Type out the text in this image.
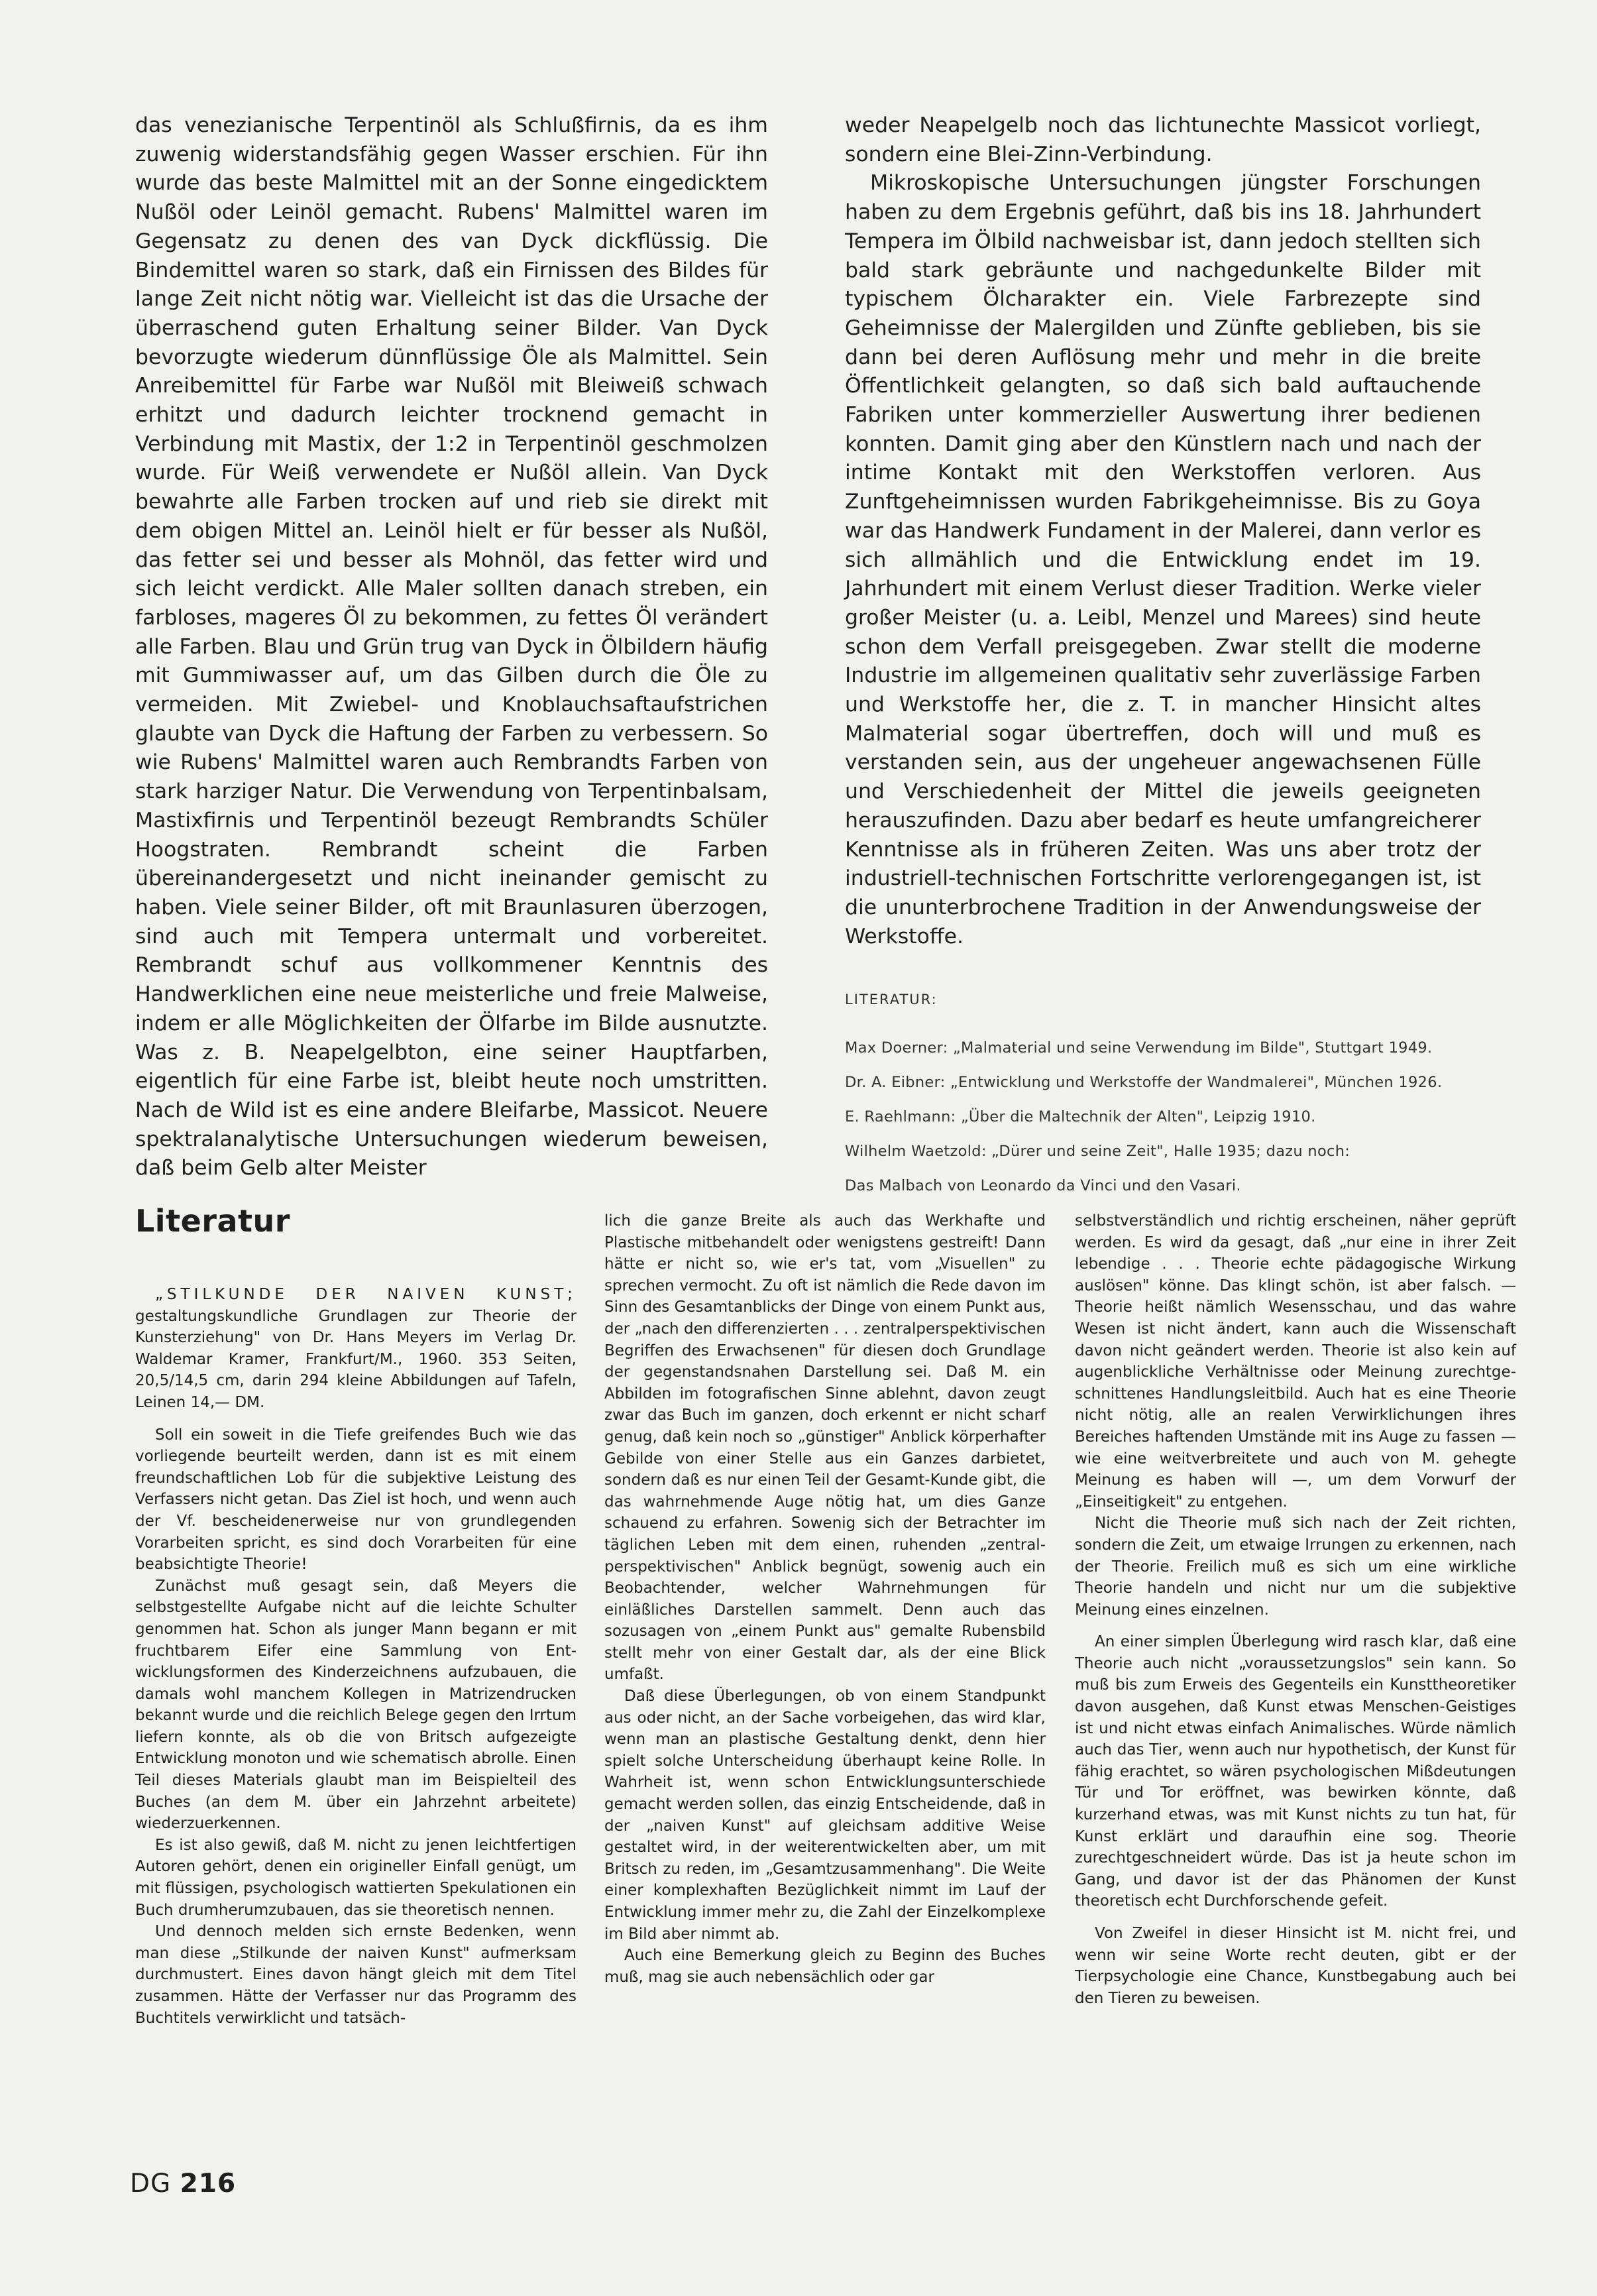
das venezianische Terpentinöl als Schlußfirnis, da es ihm zuwenig widerstandsfähig gegen Wasser erschien. Für ihn wurde das beste Malmittel mit an der Sonne eingedicktem Nußöl oder Leinöl gemacht. Rubens' Malmittel waren im Gegensatz zu denen des van Dyck dickflüssig. Die Bindemittel waren so stark, daß ein Firnissen des Bildes für lange Zeit nicht nötig war. Vielleicht ist das die Ursache der überraschend guten Erhaltung seiner Bilder. Van Dyck bevorzugte wiederum dünnflüssige Öle als Malmittel. Sein Anreibemittel für Farbe war Nußöl mit Bleiweiß schwach erhitzt und dadurch leichter trocknend gemacht in Verbindung mit Mastix, der 1:2 in Terpentinöl geschmolzen wurde. Für Weiß verwendete er Nußöl allein. Van Dyck bewahrte alle Farben trocken auf und rieb sie direkt mit dem obigen Mittel an. Leinöl hielt er für besser als Nußöl, das fetter sei und besser als Mohnöl, das fetter wird und sich leicht verdickt. Alle Maler sollten danach streben, ein farbloses, mageres Öl zu bekommen, zu fettes Öl verändert alle Farben. Blau und Grün trug van Dyck in Ölbildern häufig mit Gummiwasser auf, um das Gilben durch die Öle zu vermeiden. Mit Zwiebel- und Knoblauchsaftaufstrichen glaubte van Dyck die Haftung der Farben zu verbessern. So wie Rubens' Malmittel waren auch Rembrandts Farben von stark harziger Natur. Die Verwendung von Terpentinbalsam, Mastixfirnis und Terpentinöl bezeugt Rembrandts Schüler Hoogstraten. Rembrandt scheint die Farben übereinandergesetzt und nicht ineinander gemischt zu haben. Viele seiner Bilder, oft mit Braunlasuren überzogen, sind auch mit Tempera untermalt und vorbereitet. Rembrandt schuf aus vollkommener Kenntnis des Handwerklichen eine neue meisterliche und freie Malweise, indem er alle Möglichkeiten der Ölfarbe im Bilde ausnutzte. Was z. B. Neapelgelbton, eine seiner Hauptfarben, eigentlich für eine Farbe ist, bleibt heute noch umstritten. Nach de Wild ist es eine andere Bleifarbe, Massicot. Neuere spektralanalytische Untersuchungen wiederum beweisen, daß beim Gelb alter Meister

weder Neapelgelb noch das lichtunechte Massicot vorliegt, sondern eine Blei-Zinn-Verbindung.

Mikroskopische Untersuchungen jüngster Forschungen haben zu dem Ergebnis geführt, daß bis ins 18. Jahrhundert Tempera im Ölbild nachweisbar ist, dann jedoch stellten sich bald stark gebräunte und nachgedunkelte Bilder mit typischem Ölcharakter ein. Viele Farbrezepte sind Geheimnisse der Malergilden und Zünfte geblieben, bis sie dann bei deren Auflösung mehr und mehr in die breite Öffentlichkeit gelangten, so daß sich bald auftauchende Fabriken unter kommerzieller Auswertung ihrer bedienen konnten. Damit ging aber den Künstlern nach und nach der intime Kontakt mit den Werkstoffen verloren. Aus Zunftgeheimnissen wurden Fabrikgeheimnisse. Bis zu Goya war das Handwerk Fundament in der Malerei, dann verlor es sich allmählich und die Entwicklung endet im 19. Jahrhundert mit einem Verlust dieser Tradition. Werke vieler großer Meister (u. a. Leibl, Menzel und Marees) sind heute schon dem Verfall preisgegeben. Zwar stellt die moderne Industrie im allgemeinen qualitativ sehr zuverlässige Farben und Werkstoffe her, die z. T. in mancher Hinsicht altes Malmaterial sogar übertreffen, doch will und muß es verstanden sein, aus der ungeheuer angewachsenen Fülle und Verschiedenheit der Mittel die jeweils geeigneten herauszufinden. Dazu aber bedarf es heute umfangreicherer Kenntnisse als in früheren Zeiten. Was uns aber trotz der industriell-technischen Fortschritte verlorengegangen ist, ist die ununterbrochene Tradition in der Anwendungsweise der Werkstoffe.

LITERATUR:
Max Doerner: „Malmaterial und seine Verwendung im Bilde", Stuttgart 1949.
Dr. A. Eibner: „Entwicklung und Werkstoffe der Wandmalerei", München 1926.
E. Raehlmann: „Über die Maltechnik der Alten", Leipzig 1910.
Wilhelm Waetzold: „Dürer und seine Zeit", Halle 1935; dazu noch:
Das Malbach von Leonardo da Vinci und den Vasari.
Literatur

„STILKUNDE DER NAIVEN KUNST; gestaltungskundliche Grundlagen zur Theorie der Kunsterziehung" von Dr. Hans Meyers im Verlag Dr. Waldemar Kramer, Frankfurt/M., 1960. 353 Seiten, 20,5/14,5 cm, darin 294 kleine Abbildungen auf Tafeln, Leinen 14,— DM.

Soll ein soweit in die Tiefe greifendes Buch wie das vorliegende beurteilt werden, dann ist es mit einem freundschaftlichen Lob für die subjektive Leistung des Verfassers nicht getan. Das Ziel ist hoch, und wenn auch der Vf. bescheidenerweise nur von grundlegenden Vorarbeiten spricht, es sind doch Vorarbeiten für eine beabsichtigte Theorie!

Zunächst muß gesagt sein, daß Meyers die selbstgestellte Aufgabe nicht auf die leichte Schulter genommen hat. Schon als junger Mann begann er mit fruchtbarem Eifer eine Sammlung von Entwicklungsformen des Kinderzeichnens aufzubauen, die damals wohl manchem Kollegen in Matrizendrucken bekannt wurde und die reichlich Belege gegen den Irrtum liefern konnte, als ob die von Britsch aufgezeigte Entwicklung monoton und wie schematisch abrolle. Einen Teil dieses Materials glaubt man im Beispielteil des Buches (an dem M. über ein Jahrzehnt arbeitete) wiederzuerkennen.

Es ist also gewiß, daß M. nicht zu jenen leichtfertigen Autoren gehört, denen ein origineller Einfall genügt, um mit flüssigen, psychologisch wattierten Spekulationen ein Buch drumherumzubauen, das sie theoretisch nennen.

Und dennoch melden sich ernste Bedenken, wenn man diese „Stilkunde der naiven Kunst" aufmerksam durchmustert. Eines davon hängt gleich mit dem Titel zusammen. Hätte der Verfasser nur das Programm des Buchtitels verwirklicht und tatsäch-

lich die ganze Breite als auch das Werkhafte und Plastische mitbehandelt oder wenigstens gestreift! Dann hätte er nicht so, wie er's tat, vom „Visuellen" zu sprechen vermocht. Zu oft ist nämlich die Rede davon im Sinn des Gesamtanblicks der Dinge von einem Punkt aus, der „nach den differenzierten . . . zentralperspektivischen Begriffen des Erwachsenen" für diesen doch Grundlage der gegenstandsnahen Darstellung sei. Daß M. ein Abbilden im fotografischen Sinne ablehnt, davon zeugt zwar das Buch im ganzen, doch erkennt er nicht scharf genug, daß kein noch so „günstiger" Anblick körperhafter Gebilde von einer Stelle aus ein Ganzes darbietet, sondern daß es nur einen Teil der Gesamt-Kunde gibt, die das wahrnehmende Auge nötig hat, um dies Ganze schauend zu erfahren. Sowenig sich der Betrachter im täglichen Leben mit dem einen, ruhenden „zentralperspektivischen" Anblick begnügt, sowenig auch ein Beobachtender, welcher Wahrnehmungen für einläßliches Darstellen sammelt. Denn auch das sozusagen von „einem Punkt aus" gemalte Rubensbild stellt mehr von einer Gestalt dar, als der eine Blick umfaßt.

Daß diese Überlegungen, ob von einem Standpunkt aus oder nicht, an der Sache vorbeigehen, das wird klar, wenn man an plastische Gestaltung denkt, denn hier spielt solche Unterscheidung überhaupt keine Rolle. In Wahrheit ist, wenn schon Entwicklungsunterschiede gemacht werden sollen, das einzig Entscheidende, daß in der „naiven Kunst" auf gleichsam additive Weise gestaltet wird, in der weiterentwickelten aber, um mit Britsch zu reden, im „Gesamtzusammenhang". Die Weite einer komplexhaften Bezüglichkeit nimmt im Lauf der Entwicklung immer mehr zu, die Zahl der Einzelkomplexe im Bild aber nimmt ab.

Auch eine Bemerkung gleich zu Beginn des Buches muß, mag sie auch nebensächlich oder gar

selbstverständlich und richtig erscheinen, näher geprüft werden. Es wird da gesagt, daß „nur eine in ihrer Zeit lebendige . . . Theorie echte pädagogische Wirkung auslösen" könne. Das klingt schön, ist aber falsch. — Theorie heißt nämlich Wesensschau, und das wahre Wesen ist nicht ändert, kann auch die Wissenschaft davon nicht geändert werden. Theorie ist also kein auf augenblickliche Verhältnisse oder Meinung zurechtgeschnittenes Handlungsleitbild. Auch hat es eine Theorie nicht nötig, alle an realen Verwirklichungen ihres Bereiches haftenden Umstände mit ins Auge zu fassen — wie eine weitverbreitete und auch von M. gehegte Meinung es haben will —, um dem Vorwurf der „Einseitigkeit" zu entgehen.

Nicht die Theorie muß sich nach der Zeit richten, sondern die Zeit, um etwaige Irrungen zu erkennen, nach der Theorie. Freilich muß es sich um eine wirkliche Theorie handeln und nicht nur um die subjektive Meinung eines einzelnen.

An einer simplen Überlegung wird rasch klar, daß eine Theorie auch nicht „voraussetzungslos" sein kann. So muß bis zum Erweis des Gegenteils ein Kunsttheoretiker davon ausgehen, daß Kunst etwas Menschen-Geistiges ist und nicht etwas einfach Animalisches. Würde nämlich auch das Tier, wenn auch nur hypothetisch, der Kunst für fähig erachtet, so wären psychologischen Mißdeutungen Tür und Tor eröffnet, was bewirken könnte, daß kurzerhand etwas, was mit Kunst nichts zu tun hat, für Kunst erklärt und daraufhin eine sog. Theorie zurechtgeschneidert würde. Das ist ja heute schon im Gang, und davor ist der das Phänomen der Kunst theoretisch echt Durchforschende gefeit.

Von Zweifel in dieser Hinsicht ist M. nicht frei, und wenn wir seine Worte recht deuten, gibt er der Tierpsychologie eine Chance, Kunstbegabung auch bei den Tieren zu beweisen.

DG 216
